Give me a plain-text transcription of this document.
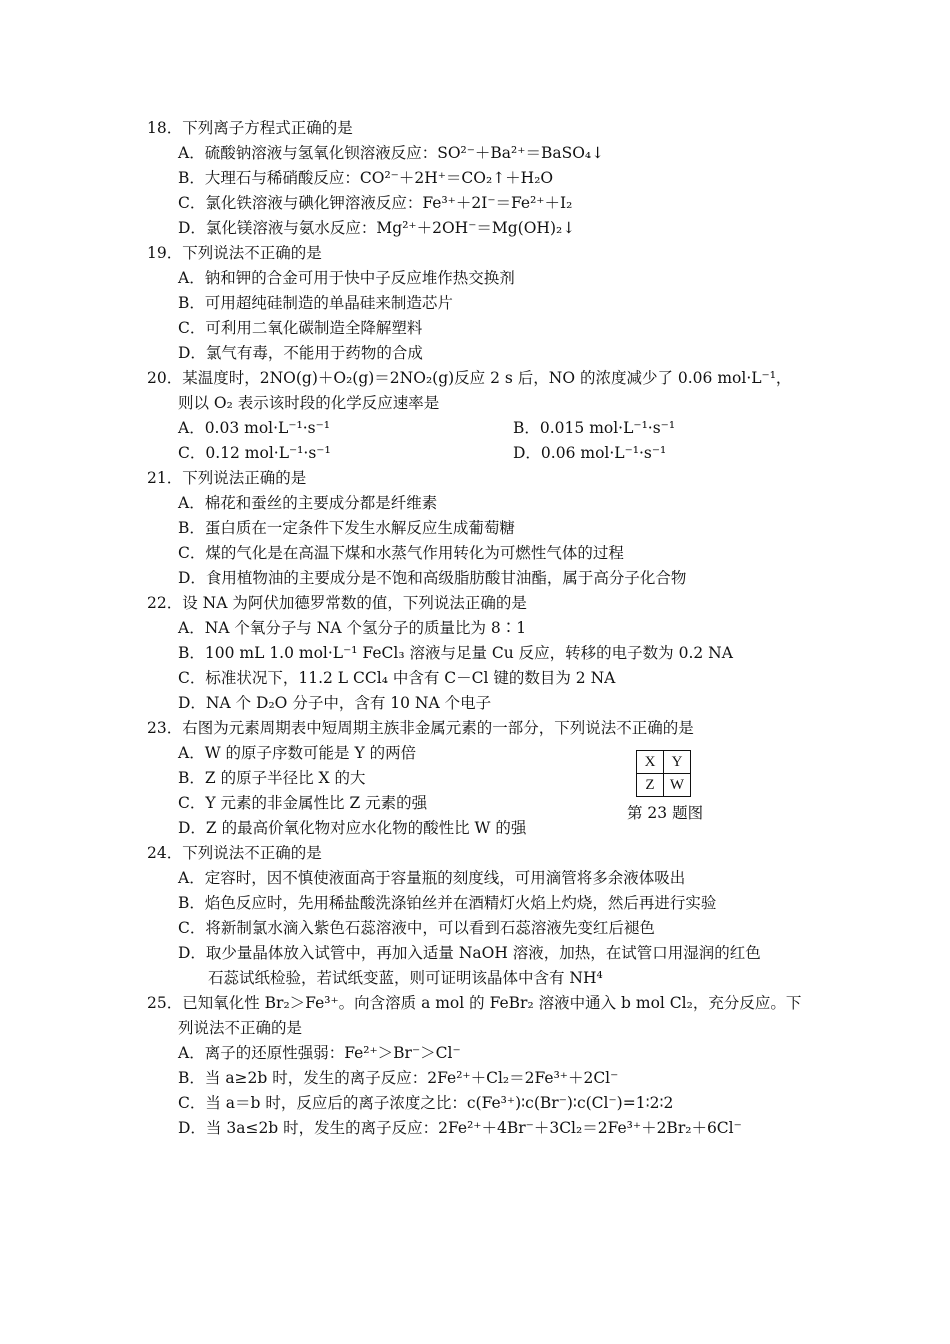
18．下列离子方程式正确的是
A．硫酸钠溶液与氢氧化钡溶液反应：SO²⁻＋Ba²⁺＝BaSO₄↓
B．大理石与稀硝酸反应：CO²⁻＋2H⁺＝CO₂↑＋H₂O
C．氯化铁溶液与碘化钾溶液反应：Fe³⁺＋2I⁻＝Fe²⁺＋I₂
D．氯化镁溶液与氨水反应：Mg²⁺＋2OH⁻＝Mg(OH)₂↓
19．下列说法不正确的是
A．钠和钾的合金可用于快中子反应堆作热交换剂
B．可用超纯硅制造的单晶硅来制造芯片
C．可利用二氧化碳制造全降解塑料
D．氯气有毒，不能用于药物的合成
20．某温度时，2NO(g)＋O₂(g)＝2NO₂(g)反应 2 s 后，NO 的浓度减少了 0.06 mol·L⁻¹，
则以 O₂ 表示该时段的化学反应速率是
A．0.03 mol·L⁻¹·s⁻¹	B．0.015 mol·L⁻¹·s⁻¹
C．0.12 mol·L⁻¹·s⁻¹	D．0.06 mol·L⁻¹·s⁻¹
21．下列说法正确的是
A．棉花和蚕丝的主要成分都是纤维素
B．蛋白质在一定条件下发生水解反应生成葡萄糖
C．煤的气化是在高温下煤和水蒸气作用转化为可燃性气体的过程
D．食用植物油的主要成分是不饱和高级脂肪酸甘油酯，属于高分子化合物
22．设 NA 为阿伏加德罗常数的值，下列说法正确的是
A．NA 个氧分子与 NA 个氢分子的质量比为 8∶1
B．100 mL 1.0 mol·L⁻¹ FeCl₃ 溶液与足量 Cu 反应，转移的电子数为 0.2 NA
C．标准状况下，11.2 L CCl₄ 中含有 C－Cl 键的数目为 2 NA
D．NA 个 D₂O 分子中，含有 10 NA 个电子
23．右图为元素周期表中短周期主族非金属元素的一部分，下列说法不正确的是
A．W 的原子序数可能是 Y 的两倍
B．Z 的原子半径比 X 的大
C．Y 元素的非金属性比 Z 元素的强
D．Z 的最高价氧化物对应水化物的酸性比 W 的强
X	Y
Z	W
第 23 题图
24．下列说法不正确的是
A．定容时，因不慎使液面高于容量瓶的刻度线，可用滴管将多余液体吸出
B．焰色反应时，先用稀盐酸洗涤铂丝并在酒精灯火焰上灼烧，然后再进行实验
C．将新制氯水滴入紫色石蕊溶液中，可以看到石蕊溶液先变红后褪色
D．取少量晶体放入试管中，再加入适量 NaOH 溶液，加热，在试管口用湿润的红色
石蕊试纸检验，若试纸变蓝，则可证明该晶体中含有 NH⁴
25．已知氧化性 Br₂＞Fe³⁺。向含溶质 a mol 的 FeBr₂ 溶液中通入 b mol Cl₂，充分反应。下
列说法不正确的是
A．离子的还原性强弱：Fe²⁺＞Br⁻＞Cl⁻
B．当 a≥2b 时，发生的离子反应：2Fe²⁺＋Cl₂＝2Fe³⁺＋2Cl⁻
C．当 a＝b 时，反应后的离子浓度之比：c(Fe³⁺)∶c(Br⁻)∶c(Cl⁻)=1∶2∶2
D．当 3a≤2b 时，发生的离子反应：2Fe²⁺＋4Br⁻＋3Cl₂＝2Fe³⁺＋2Br₂＋6Cl⁻
